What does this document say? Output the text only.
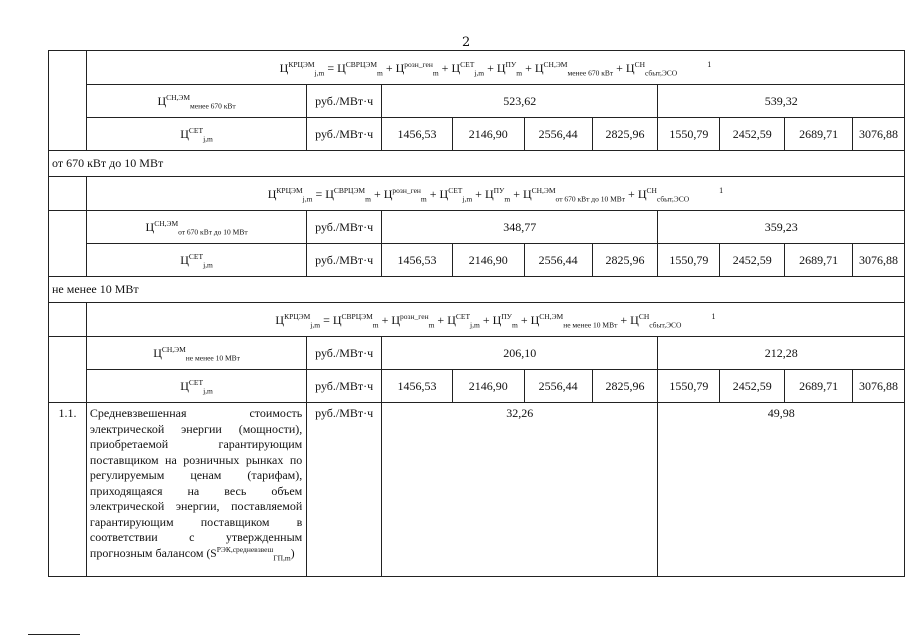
2
	$Ц^{КРЦЭМ}_{j,m} = Ц^{СВРЦЭМ}_m + Ц^{розн\_ген}_m + Ц^{СЕТ}_{j,m} + Ц^{ПУ}_m + Ц^{СН,ЭМ}_{менее 670 кВт} + Ц^{СН}_{сбыт,ЭСО}^1$
	$Ц^{СН,ЭМ}_{менее 670 кВт}$	руб./МВт·ч	523,62				539,32			
	$Ц^{СЕТ}_{j,m}$	руб./МВт·ч	1456,53	2146,90	2556,44	2825,96	1550,79	2452,59	2689,71	3076,88
от 670 кВт до 10 МВт										
	$Ц^{КРЦЭМ}_{j,m} = Ц^{СВРЦЭМ}_m + Ц^{розн\_ген}_m + Ц^{СЕТ}_{j,m} + Ц^{ПУ}_m + Ц^{СН,ЭМ}_{от 670 кВт до 10 МВт} + Ц^{СН}_{сбыт,ЭСО}^1$
	$Ц^{СН,ЭМ}_{от 670 кВт до 10 МВт}$	руб./МВт·ч	348,77				359,23			
	$Ц^{СЕТ}_{j,m}$	руб./МВт·ч	1456,53	2146,90	2556,44	2825,96	1550,79	2452,59	2689,71	3076,88
не менее 10 МВт										
	$Ц^{КРЦЭМ}_{j,m} = Ц^{СВРЦЭМ}_m + Ц^{розн\_ген}_m + Ц^{СЕТ}_{j,m} + Ц^{ПУ}_m + Ц^{СН,ЭМ}_{не менее 10 МВт} + Ц^{СН}_{сбыт,ЭСО}^1$
	$Ц^{СН,ЭМ}_{не менее 10 МВт}$	руб./МВт·ч	206,10				212,28			
	$Ц^{СЕТ}_{j,m}$	руб./МВт·ч	1456,53	2146,90	2556,44	2825,96	1550,79	2452,59	2689,71	3076,88
1.1.	Средневзвешенная стоимость электрической энергии (мощности), приобретаемой гарантирующим поставщиком на розничных рынках по регулируемым ценам (тарифам), приходящаяся на весь объем электрической энергии, поставляемой гарантирующим поставщиком в соответствии с утвержденным прогнозным балансом $(S^{РЭК,средневзвеш}_{ГП,m})$	руб./МВт·ч	32,26				49,98			
